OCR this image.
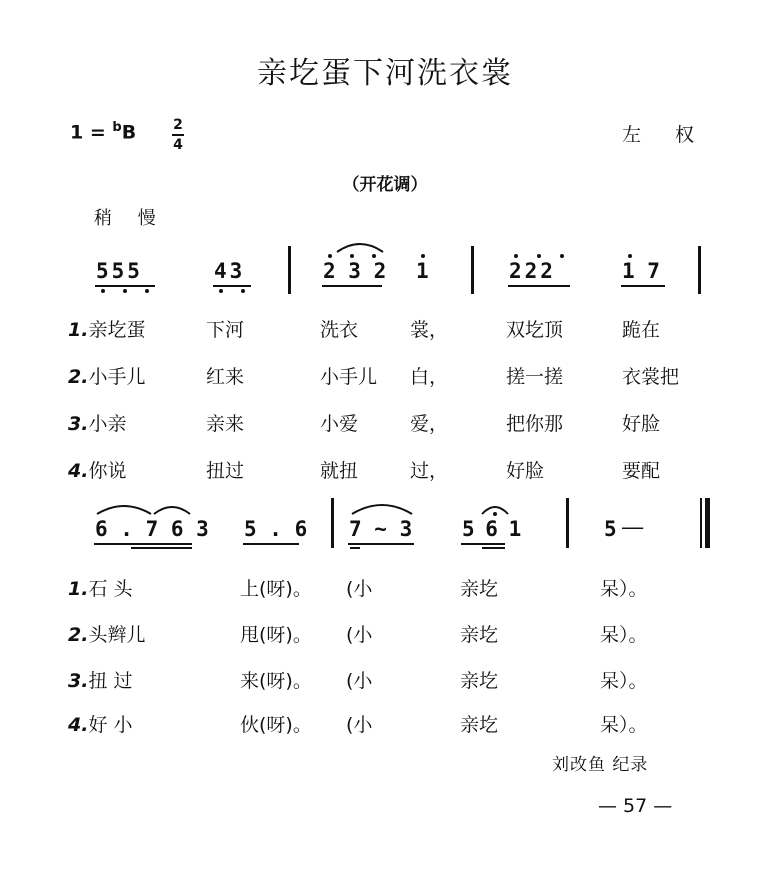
亲圪蛋下河洗衣裳
1 = $^b$B	2
4	左 权
（开花调）
稍 慢
555	43	2 3 2 1	222	1 7
1.亲圪蛋	下河	洗衣	裳，	双圪顶	跪在
2.小手儿	红来	小手儿 白，	搓一搓	衣裳把
3.小亲	亲来	小爱	爱，	把你那	好脸
4.你说	扭过	就扭	过，	好脸	要配
6 . 7 6 3 5 . 6 7 ~ 3 5 6 1	5 ——
1.石 头	上(呀)。 (小	亲圪	呆）。
2.头辫儿	甩(呀)。 (小	亲圪	呆）。
3.扭 过	来(呀)。 (小	亲圪	呆）。
4.好 小	伙(呀)。 (小	亲圪	呆）。
刘改鱼 纪录
— 57 —
